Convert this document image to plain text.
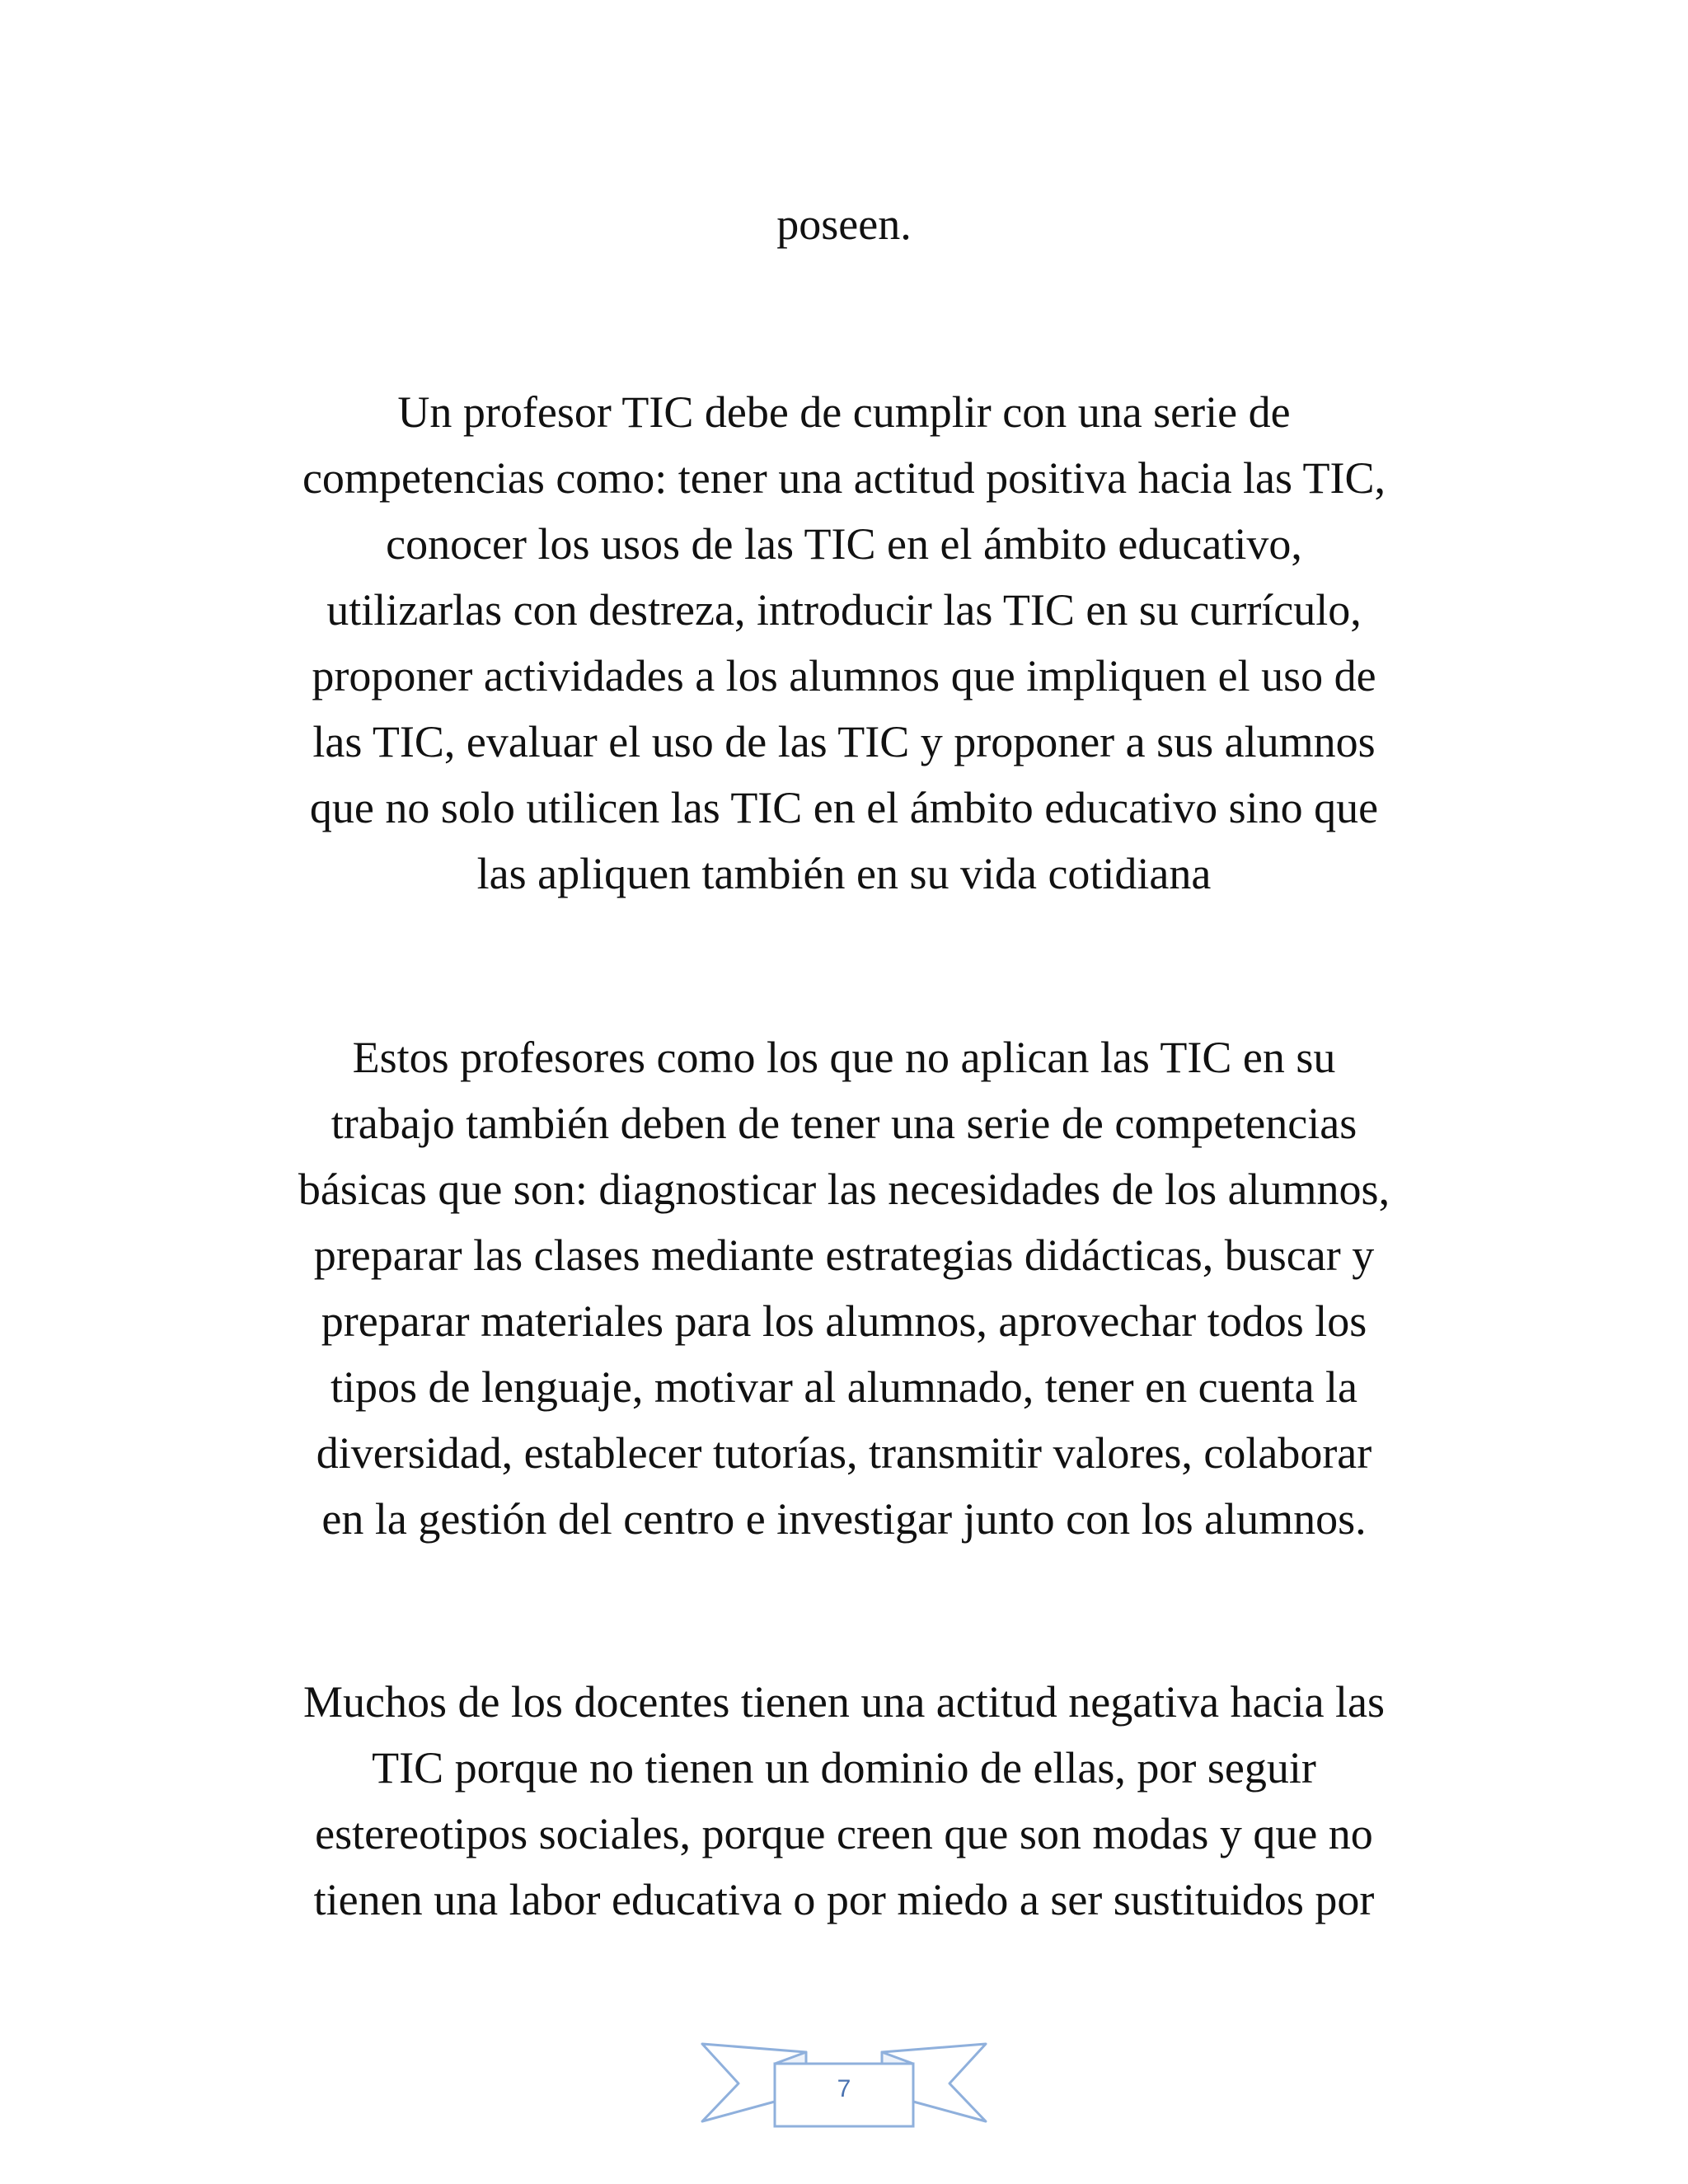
poseen.

Un profesor TIC debe de cumplir con una serie de
competencias como: tener una actitud positiva hacia las TIC,
conocer los usos de las TIC en el ámbito educativo,
utilizarlas con destreza, introducir las TIC en su currículo,
proponer actividades a los alumnos que impliquen el uso de
las TIC, evaluar el uso de las TIC y proponer a sus alumnos
que no solo utilicen las TIC en el ámbito educativo sino que
las apliquen también en su vida cotidiana

Estos profesores como los que no aplican las TIC en su
trabajo también deben de tener una serie de competencias
básicas que son: diagnosticar las necesidades de los alumnos,
preparar las clases mediante estrategias didácticas, buscar y
preparar materiales para los alumnos, aprovechar todos los
tipos de lenguaje, motivar al alumnado, tener en cuenta la
diversidad, establecer tutorías, transmitir valores, colaborar
en la gestión del centro e investigar junto con los alumnos.

Muchos de los docentes tienen una actitud negativa hacia las
TIC porque no tienen un dominio de ellas, por seguir
estereotipos sociales, porque creen que son modas y que no
tienen una labor educativa o por miedo a ser sustituidos por

7
